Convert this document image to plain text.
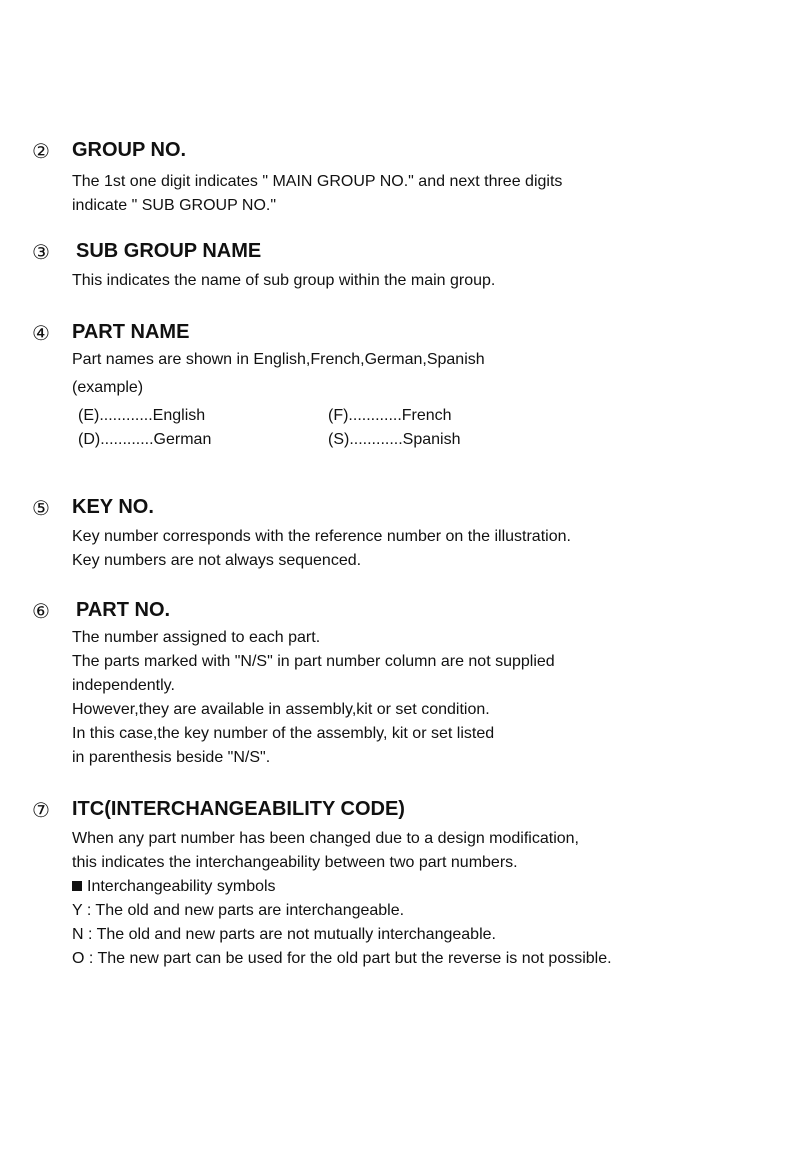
② GROUP NO.

The 1st one digit indicates " MAIN GROUP NO." and next three digits

indicate " SUB GROUP NO."

③ SUB GROUP NAME

This indicates the name of sub group within the main group.

④ PART NAME

Part names are shown in English,French,German,Spanish

(example)

(E)............English	(F)............French
(D)............German	(S)............Spanish
⑤ KEY NO.

Key number corresponds with the reference number on the illustration.

Key numbers are not always sequenced.

⑥ PART NO.

The number assigned to each part.

The parts marked with "N/S" in part number column are not supplied

independently.

However,they are available in assembly,kit or set condition.

In this case,the key number of the assembly, kit or set listed

in parenthesis beside "N/S".

⑦ ITC(INTERCHANGEABILITY CODE)

When any part number has been changed due to a design modification,

this indicates the interchangeability between two part numbers.

Interchangeability symbols

Y : The old and new parts are interchangeable.

N : The old and new parts are not mutually interchangeable.

O : The new part can be used for the old part but the reverse is not possible.
